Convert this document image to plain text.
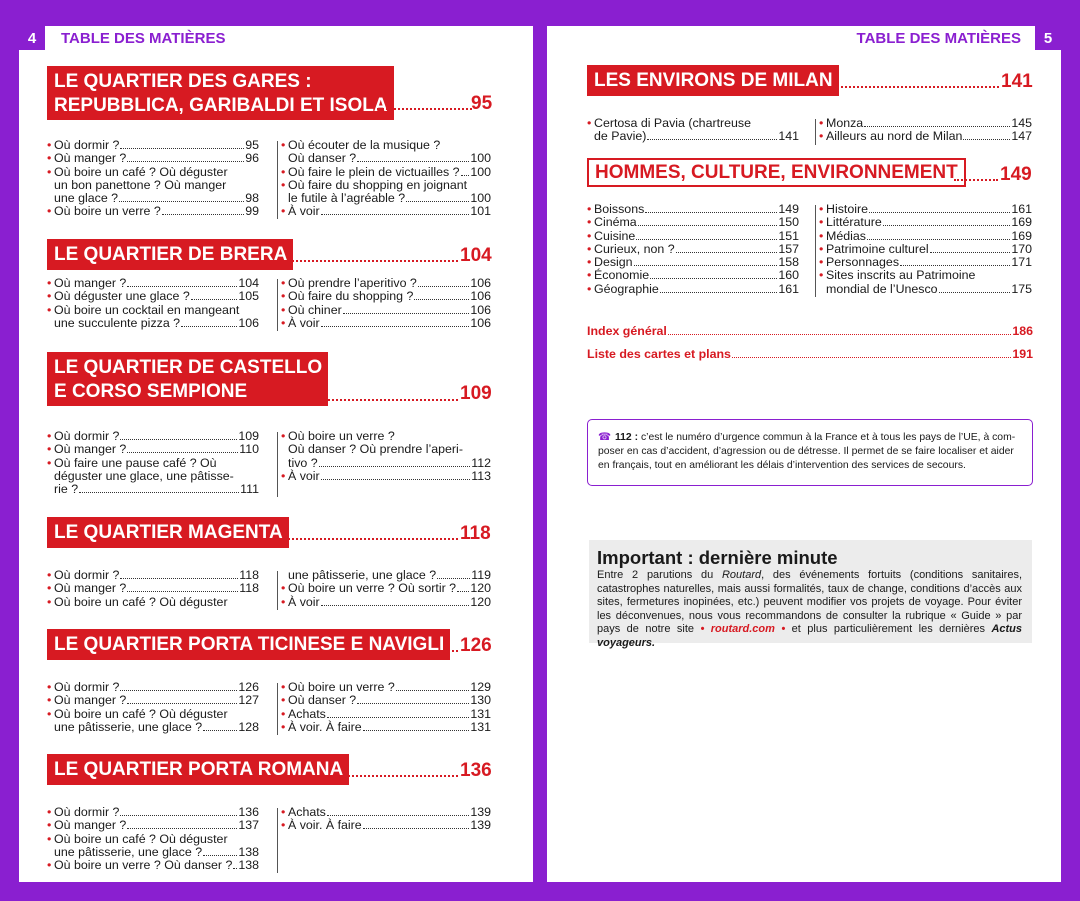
4	TABLE DES MATIÈRES	TABLE DES MATIÈRES	5
LE QUARTIER DES GARES :
REPUBBLICA, GARIBALDI ET ISOLA	95
• Où dormir ?	95
• Où manger ?	96
• Où boire un café ? Où déguster
un bon panettone ? Où manger
une glace ?	98
• Où boire un verre ?	99
• Où écouter de la musique ?
Où danser ?	100
• Où faire le plein de victuailles ? 100
• Où faire du shopping en joignant
le futile à l’agréable ?	100
• À voir	101
LE QUARTIER DE BRERA	104
• Où manger ?	104
• Où déguster une glace ?	105
• Où boire un cocktail en mangeant
une succulente pizza ?	106
• Où prendre l’aperitivo ?	106
• Où faire du shopping ?	106
• Où chiner	106
• À voir	106
LE QUARTIER DE CASTELLO
E CORSO SEMPIONE	109
• Où dormir ?	109
• Où manger ?	110
• Où faire une pause café ? Où
déguster une glace, une pâtisse-
rie ?	111
• Où boire un verre ?
Où danser ? Où prendre l’aperi-
tivo ?	112
• À voir	113
LE QUARTIER MAGENTA	118
• Où dormir ?	118
• Où manger ?	118
• Où boire un café ? Où déguster
une pâtisserie, une glace ?	119
• Où boire un verre ? Où sortir ? 120
• À voir	120
LE QUARTIER PORTA TICINESE E NAVIGLI 126
• Où dormir ?	126
• Où manger ?	127
• Où boire un café ? Où déguster
une pâtisserie, une glace ?	128
• Où boire un verre ?	129
• Où danser ?	130
• Achats	131
• À voir. À faire	131
LE QUARTIER PORTA ROMANA	136
• Où dormir ?	136
• Où manger ?	137
• Où boire un café ? Où déguster
une pâtisserie, une glace ?	138
• Où boire un verre ? Où danser ? 138
• Achats	139
• À voir. À faire	139
LES ENVIRONS DE MILAN	141
• Certosa di Pavia (chartreuse
de Pavie)	141
• Monza	145
• Ailleurs au nord de Milan	147
HOMMES, CULTURE, ENVIRONNEMENT	149
• Boissons	149
• Cinéma	150
• Cuisine	151
• Curieux, non ?	157
• Design	158
• Économie	160
• Géographie	161
• Histoire	161
• Littérature	169
• Médias	169
• Patrimoine culturel	170
• Personnages	171
• Sites inscrits au Patrimoine
mondial de l’Unesco	175
Index général	186
Liste des cartes et plans	191
☎ 112 : c’est le numéro d’urgence commun à la France et à tous les pays de l’UE, à com- poser en cas d’accident, d’agression ou de détresse. Il permet de se faire localiser et aider en français, tout en améliorant les délais d’intervention des services de secours.
Important : dernière minute
Entre 2 parutions du Routard, des événements fortuits (conditions sanitaires, catastrophes naturelles, mais aussi formalités, taux de change, conditions d’accès aux sites, fermetures inopinées, etc.) peuvent modifier vos projets de voyage. Pour éviter les déconvenues, nous vous recommandons de consulter la rubrique « Guide » par pays de notre site • routard.com • et plus particulièrement les dernières Actus voyageurs.
